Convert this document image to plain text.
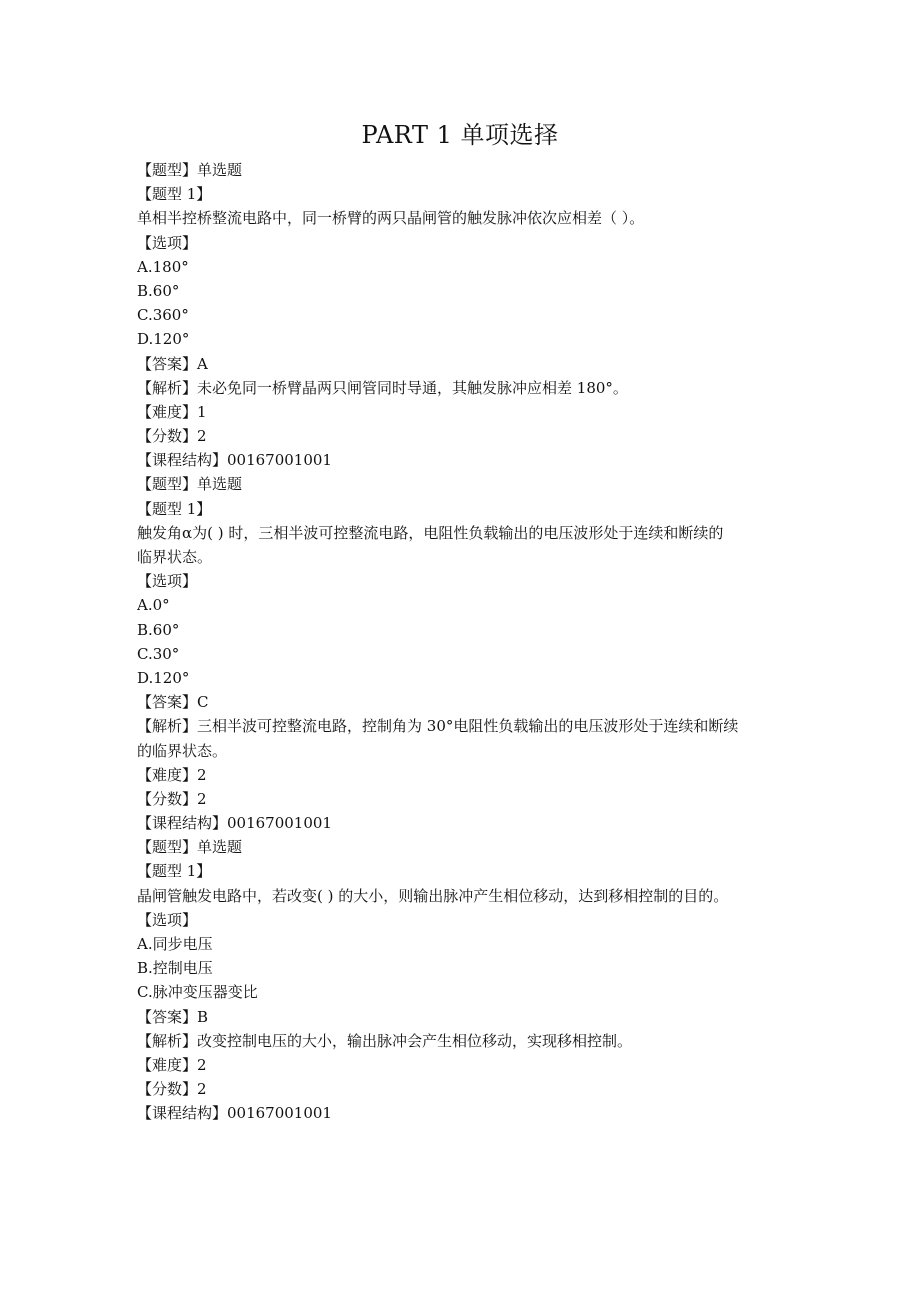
PART 1 单项选择
【题型】单选题
【题型 1】
单相半控桥整流电路中，同一桥臂的两只晶闸管的触发脉冲依次应相差（ ）。
【选项】
A.180°
B.60°
C.360°
D.120°
【答案】A
【解析】未必免同一桥臂晶两只闸管同时导通，其触发脉冲应相差 180°。
【难度】1
【分数】2
【课程结构】00167001001
【题型】单选题
【题型 1】
触发角α为( ) 时，三相半波可控整流电路，电阻性负载输出的电压波形处于连续和断续的
临界状态。
【选项】
A.0°
B.60°
C.30°
D.120°
【答案】C
【解析】三相半波可控整流电路，控制角为 30°电阻性负载输出的电压波形处于连续和断续
的临界状态。
【难度】2
【分数】2
【课程结构】00167001001
【题型】单选题
【题型 1】
晶闸管触发电路中，若改变( ) 的大小，则输出脉冲产生相位移动，达到移相控制的目的。
【选项】
A.同步电压
B.控制电压
C.脉冲变压器变比
【答案】B
【解析】改变控制电压的大小，输出脉冲会产生相位移动，实现移相控制。
【难度】2
【分数】2
【课程结构】00167001001
